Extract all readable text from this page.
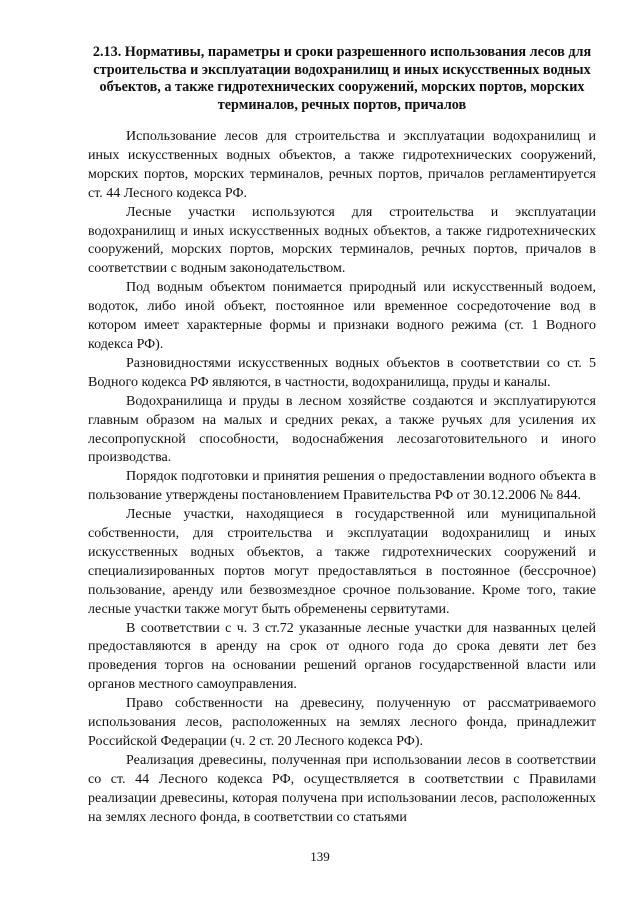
2.13. Нормативы, параметры и сроки разрешенного использования лесов для строительства и эксплуатации водохранилищ и иных искусственных водных объектов, а также гидротехнических сооружений, морских портов, морских терминалов, речных портов, причалов

Использование лесов для строительства и эксплуатации водохранилищ и иных искусственных водных объектов, а также гидротехнических сооружений, морских портов, морских терминалов, речных портов, причалов регламентируется ст. 44 Лесного кодекса РФ.

Лесные участки используются для строительства и эксплуатации водохранилищ и иных искусственных водных объектов, а также гидротехнических сооружений, морских портов, морских терминалов, речных портов, причалов в соответствии с водным законодательством.

Под водным объектом понимается природный или искусственный водоем, водоток, либо иной объект, постоянное или временное сосредоточение вод в котором имеет характерные формы и признаки водного режима (ст. 1 Водного кодекса РФ).

Разновидностями искусственных водных объектов в соответствии со ст. 5 Водного кодекса РФ являются, в частности, водохранилища, пруды и каналы.

Водохранилища и пруды в лесном хозяйстве создаются и эксплуатируются главным образом на малых и средних реках, а также ручьях для усиления их лесопропускной способности, водоснабжения лесозаготовительного и иного производства.

Порядок подготовки и принятия решения о предоставлении водного объекта в пользование утверждены постановлением Правительства РФ от 30.12.2006 № 844.

Лесные участки, находящиеся в государственной или муниципальной собственности, для строительства и эксплуатации водохранилищ и иных искусственных водных объектов, а также гидротехнических сооружений и специализированных портов могут предоставляться в постоянное (бессрочное) пользование, аренду или безвозмездное срочное пользование. Кроме того, такие лесные участки также могут быть обременены сервитутами.

В соответствии с ч. 3 ст.72 указанные лесные участки для названных целей предоставляются в аренду на срок от одного года до срока девяти лет без проведения торгов на основании решений органов государственной власти или органов местного самоуправления.

Право собственности на древесину, полученную от рассматриваемого использования лесов, расположенных на землях лесного фонда, принадлежит Российской Федерации (ч. 2 ст. 20 Лесного кодекса РФ).

Реализация древесины, полученная при использовании лесов в соответствии со ст. 44 Лесного кодекса РФ, осуществляется в соответствии с Правилами реализации древесины, которая получена при использовании лесов, расположенных на землях лесного фонда, в соответствии со статьями

139
